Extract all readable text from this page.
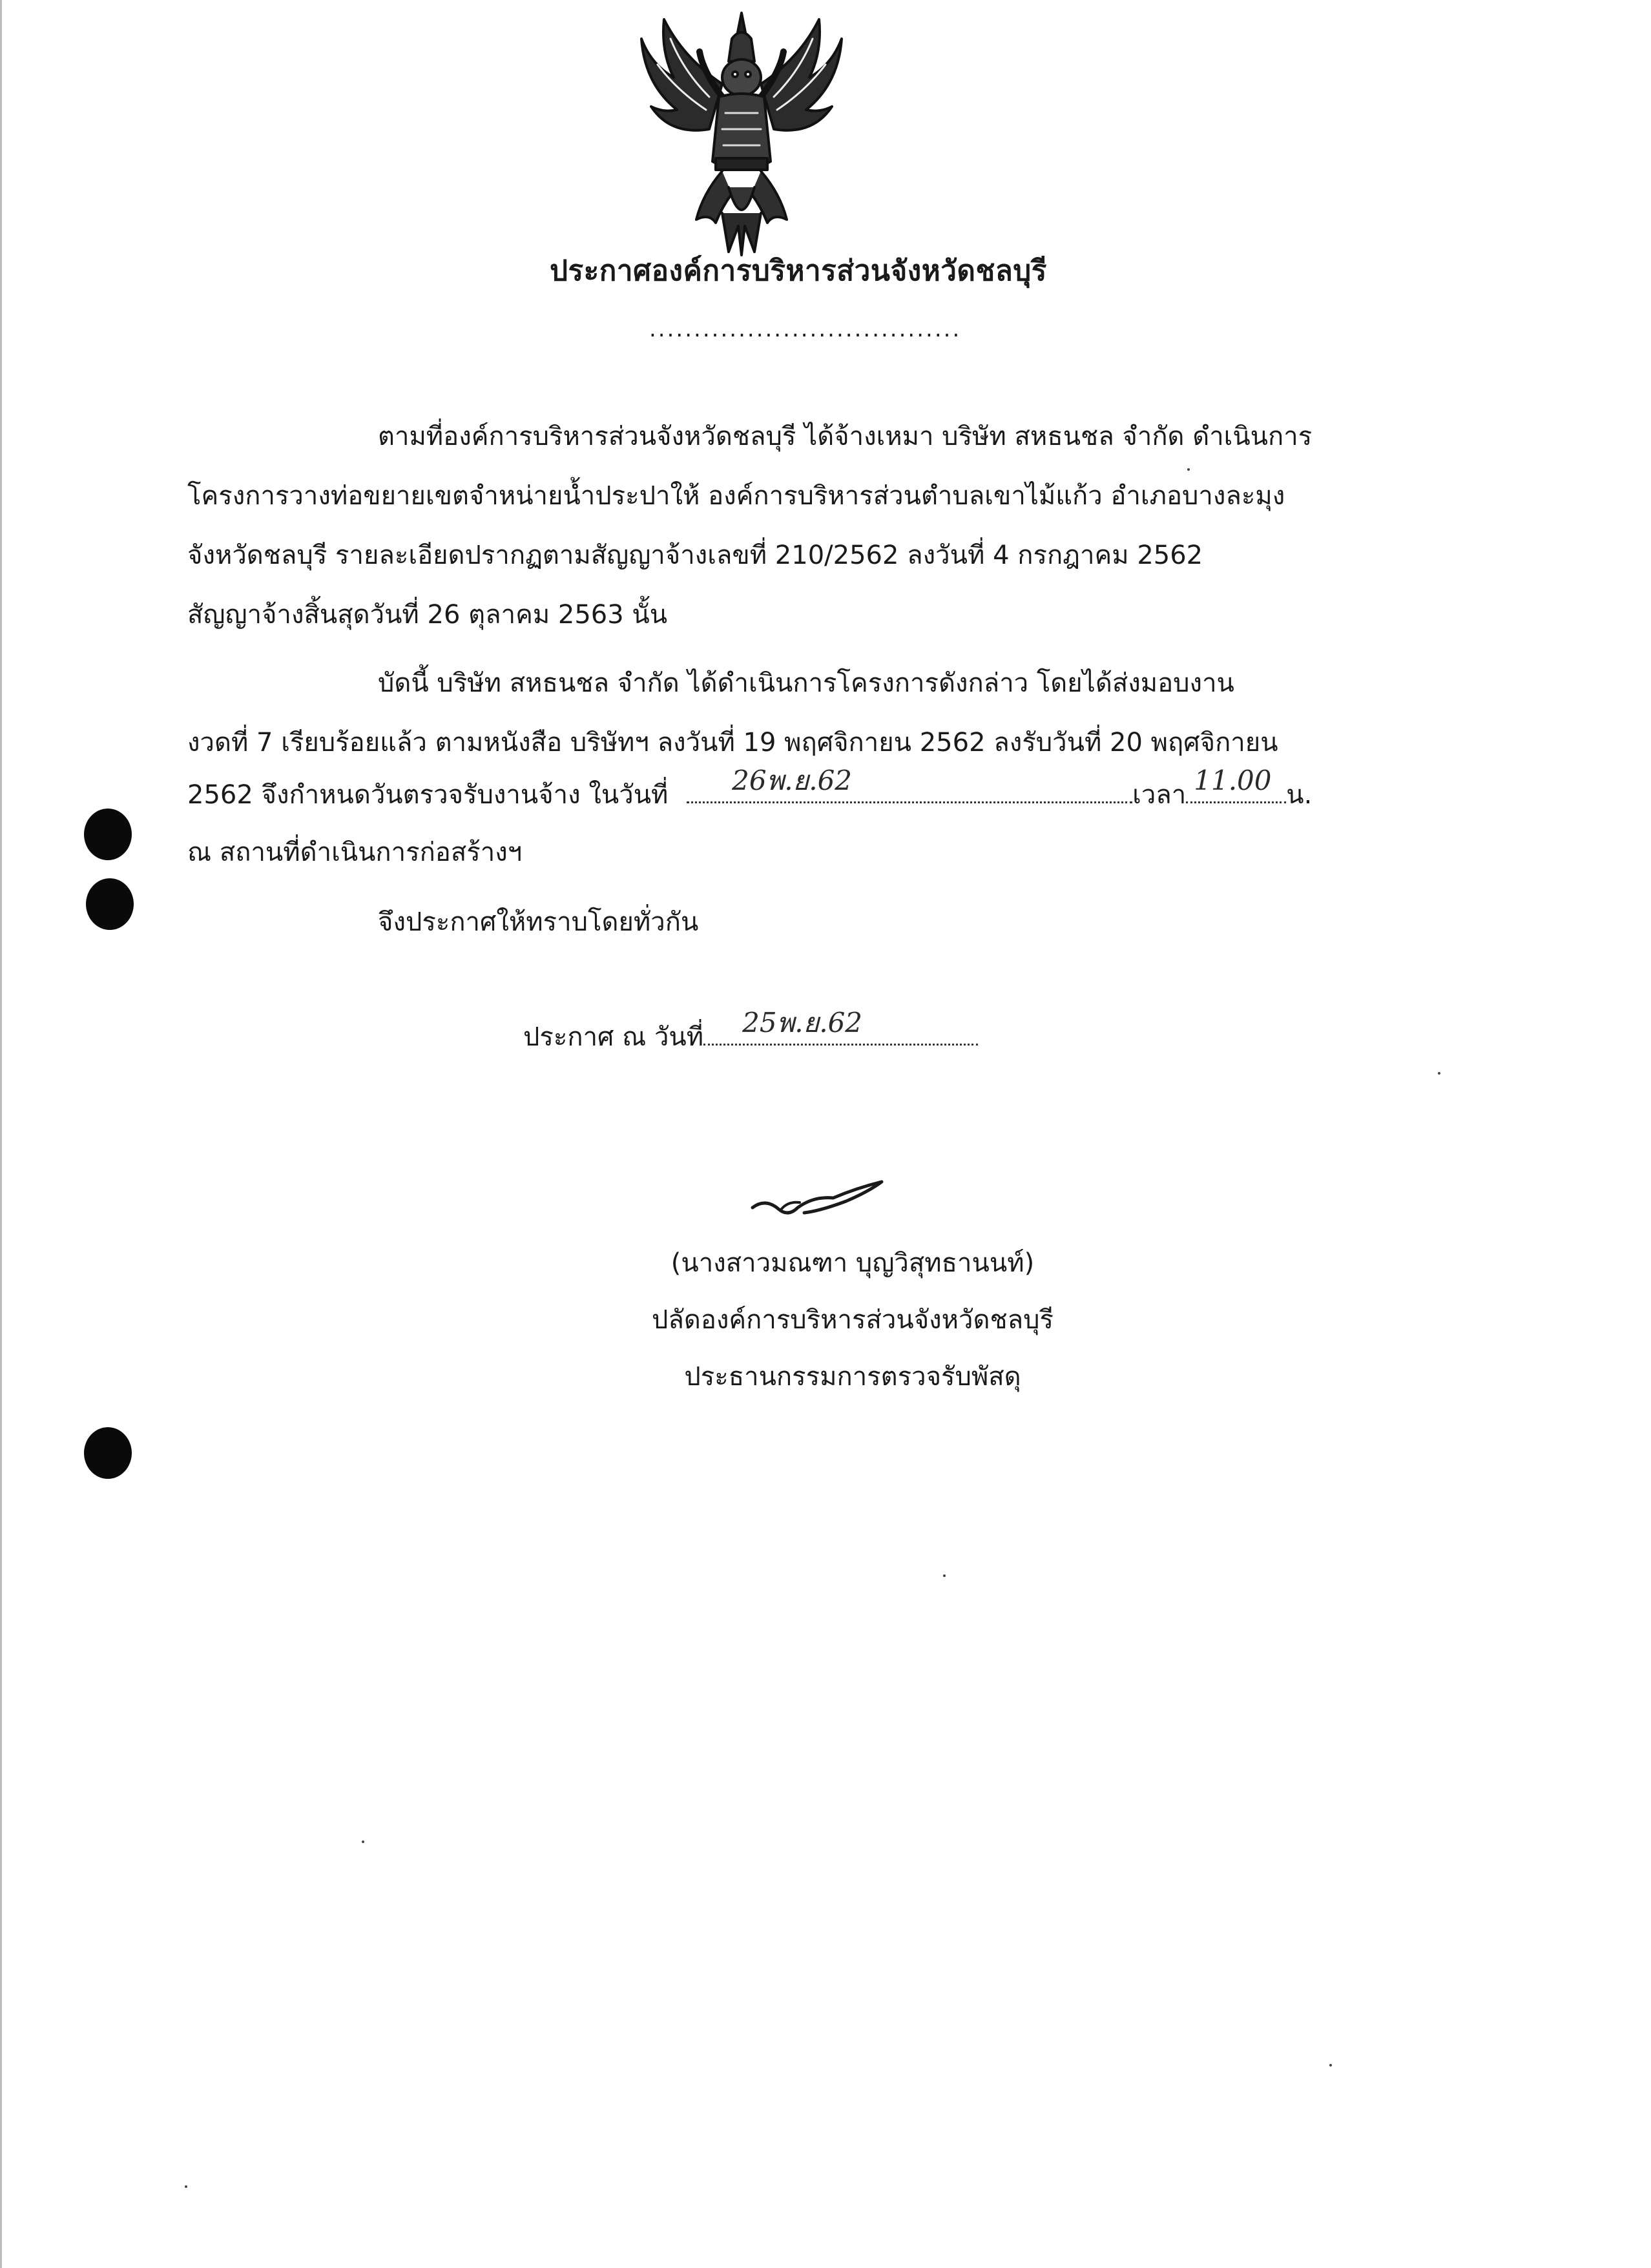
ประกาศองค์การบริหารส่วนจังหวัดชลบุรี
...................................
ตามที่องค์การบริหารส่วนจังหวัดชลบุรี ได้จ้างเหมา บริษัท สหธนชล จำกัด ดำเนินการ
โครงการวางท่อขยายเขตจำหน่ายน้ำประปาให้ องค์การบริหารส่วนตำบลเขาไม้แก้ว อำเภอบางละมุง
จังหวัดชลบุรี รายละเอียดปรากฏตามสัญญาจ้างเลขที่ 210/2562 ลงวันที่ 4 กรกฎาคม 2562
สัญญาจ้างสิ้นสุดวันที่ 26 ตุลาคม 2563 นั้น
บัดนี้ บริษัท สหธนชล จำกัด ได้ดำเนินการโครงการดังกล่าว โดยได้ส่งมอบงาน
งวดที่ 7 เรียบร้อยแล้ว ตามหนังสือ บริษัทฯ ลงวันที่ 19 พฤศจิกายน 2562 ลงรับวันที่ 20 พฤศจิกายน
2562 จึงกำหนดวันตรวจรับงานจ้าง ในวันที่ 26พ.ย.62	เวลา 11.00 น.
ณ สถานที่ดำเนินการก่อสร้างฯ
จึงประกาศให้ทราบโดยทั่วกัน
ประกาศ ณ วันที่ 25พ.ย.62
(นางสาวมณฑา บุญวิสุทธานนท์)
ปลัดองค์การบริหารส่วนจังหวัดชลบุรี
ประธานกรรมการตรวจรับพัสดุ
